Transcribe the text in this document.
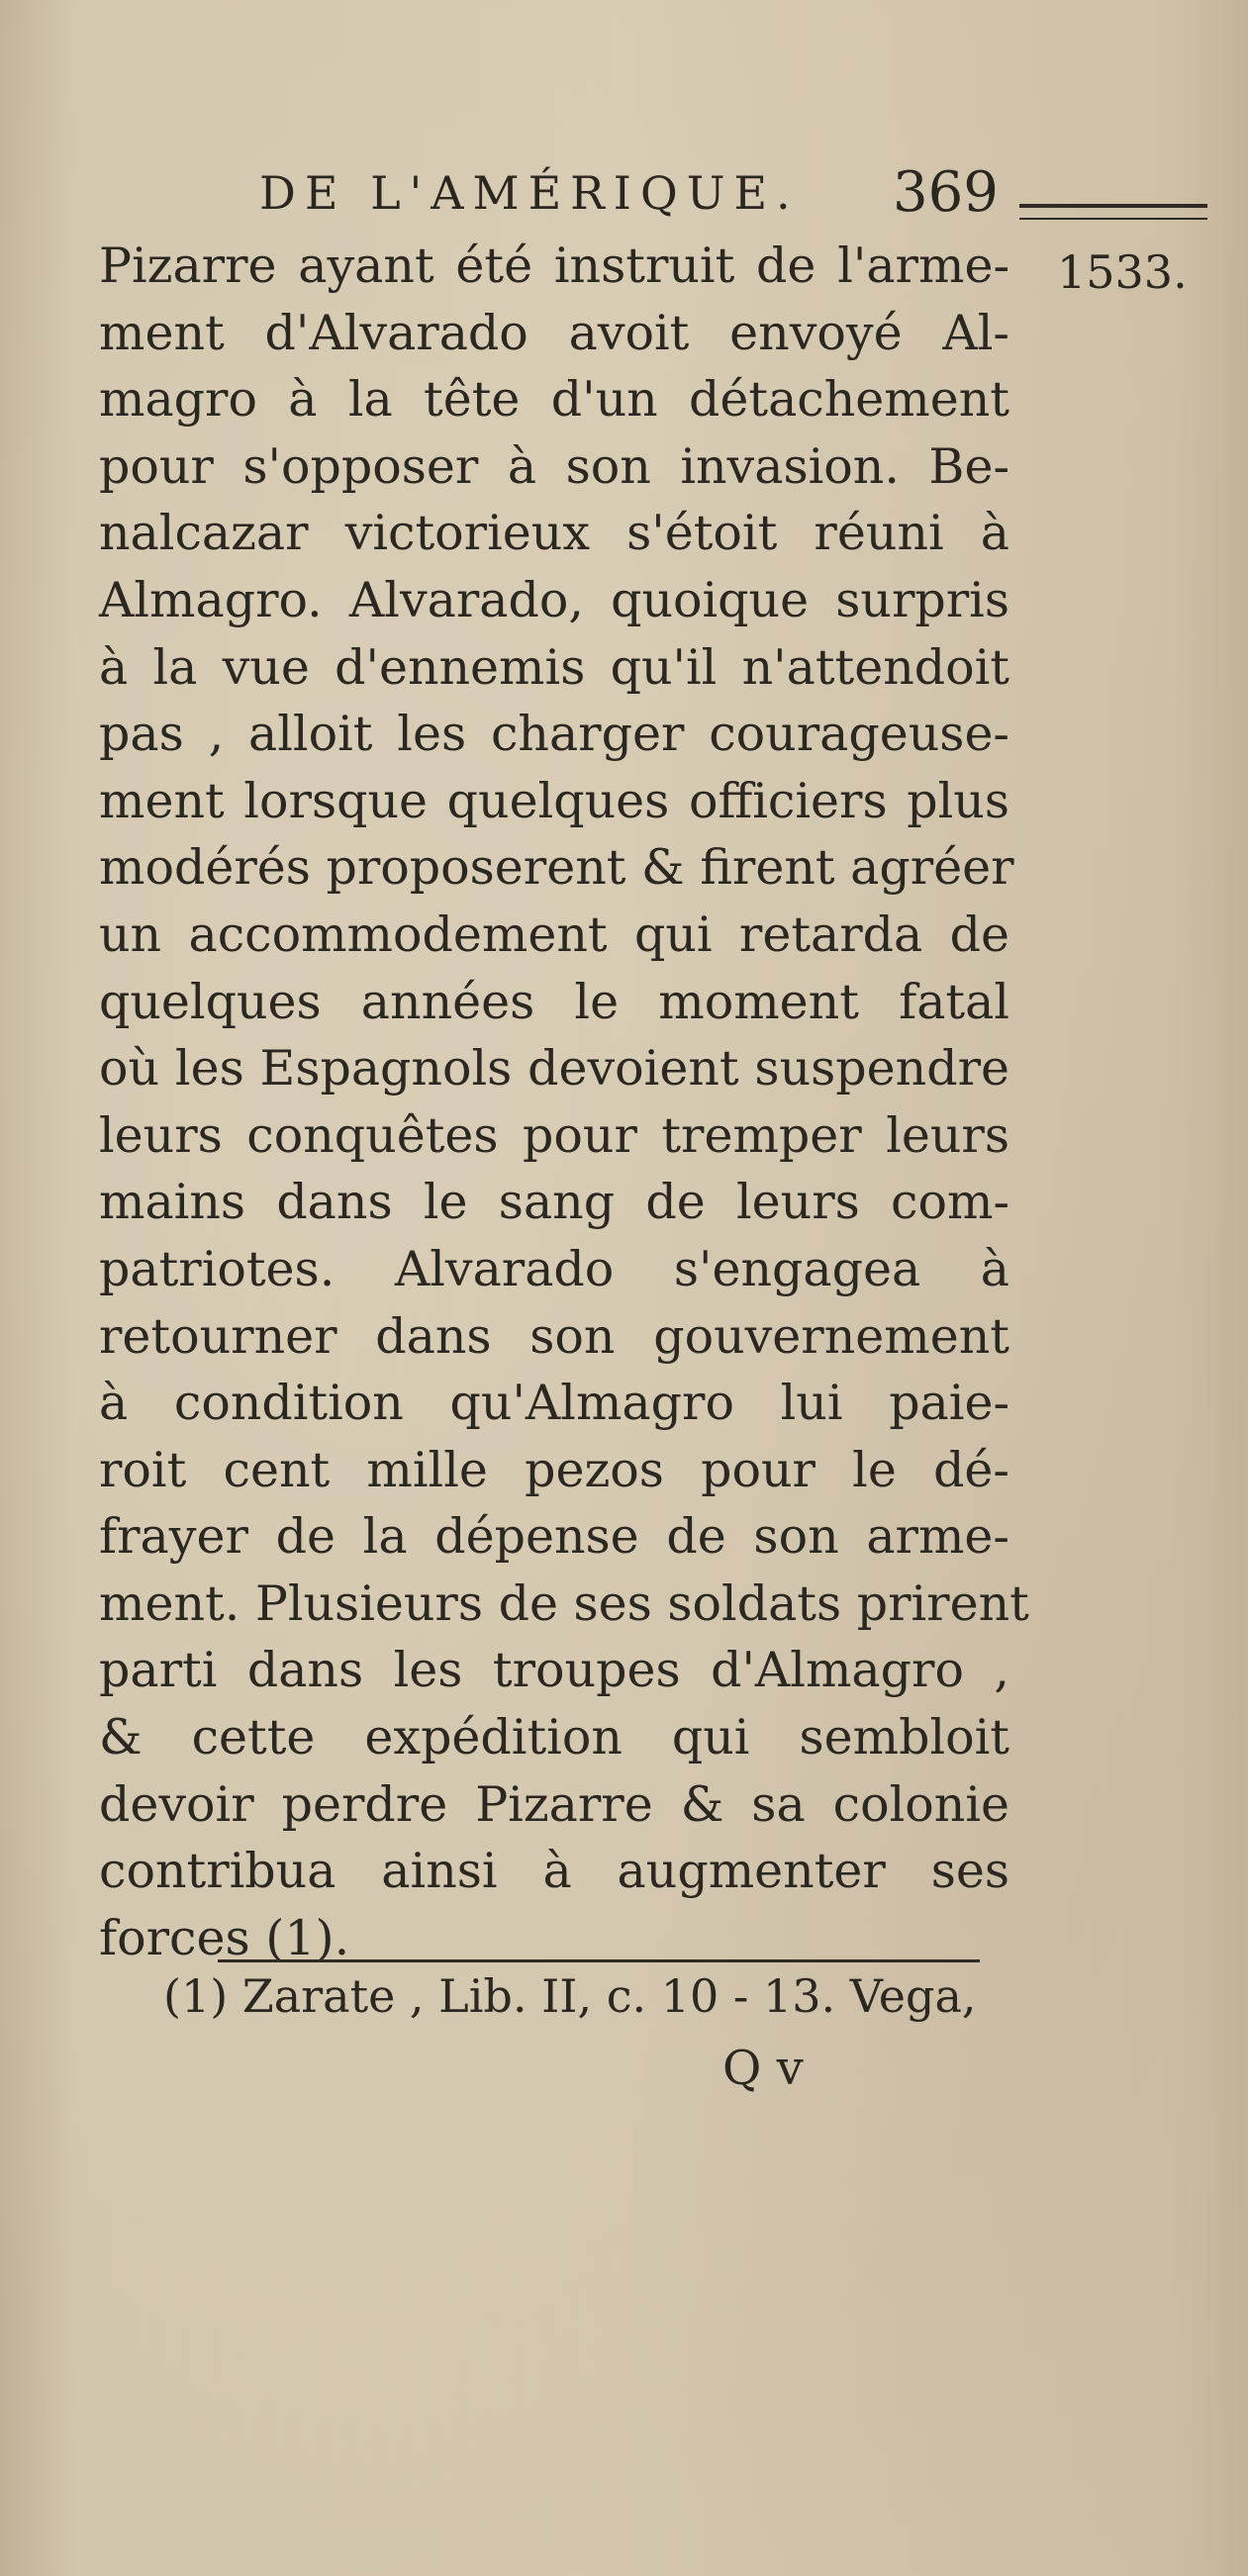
DE L'AMÉRIQUE. 369
1533.
Pizarre ayant été instruit de l'arme-
ment d'Alvarado avoit envoyé Al-
magro à la tête d'un détachement
pour s'opposer à son invasion. Be-
nalcazar victorieux s'étoit réuni à
Almagro. Alvarado, quoique surpris
à la vue d'ennemis qu'il n'attendoit
pas , alloit les charger courageuse-
ment lorsque quelques officiers plus
modérés proposerent & firent agréer
un accommodement qui retarda de
quelques années le moment fatal
où les Espagnols devoient suspendre
leurs conquêtes pour tremper leurs
mains dans le sang de leurs com-
patriotes. Alvarado s'engagea à
retourner dans son gouvernement
à condition qu'Almagro lui paie-
roit cent mille pezos pour le dé-
frayer de la dépense de son arme-
ment. Plusieurs de ses soldats prirent
parti dans les troupes d'Almagro ,
& cette expédition qui sembloit
devoir perdre Pizarre & sa colonie
contribua ainsi à augmenter ses
forces (1).
(1) Zarate , Lib. II, c. 10 - 13. Vega,
Q v
